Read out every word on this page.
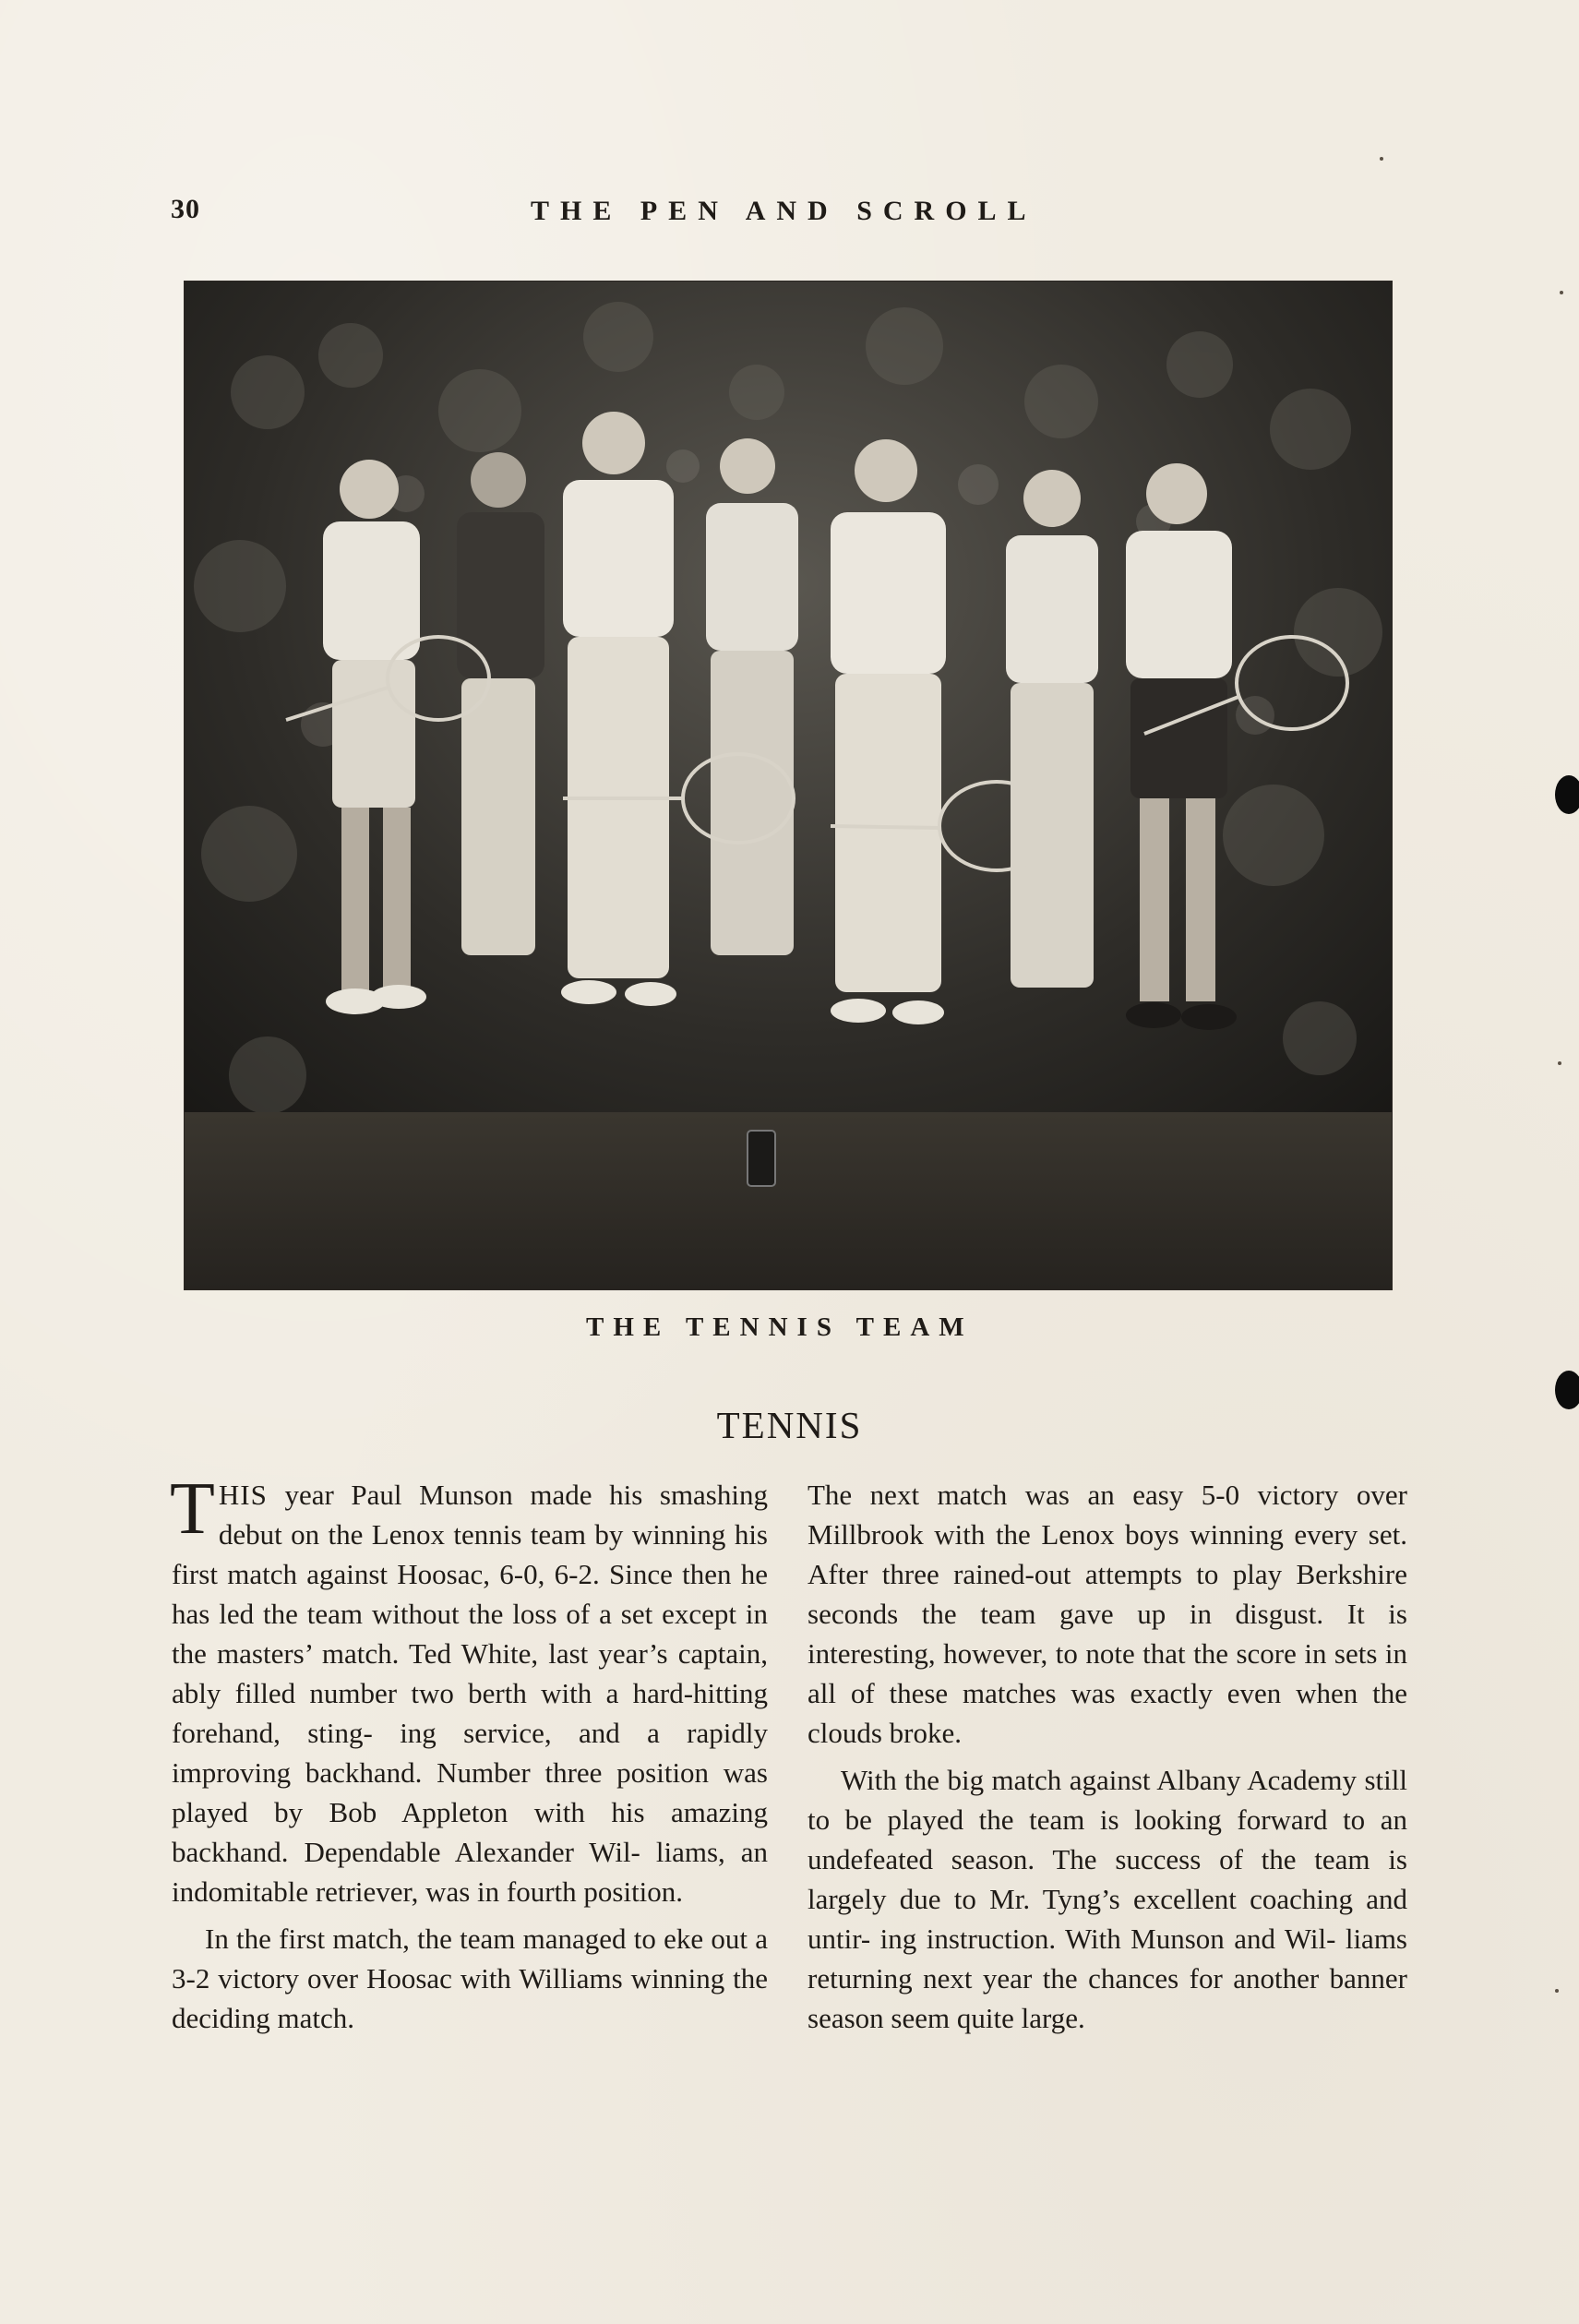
30	THE PEN AND SCROLL
THE TENNIS TEAM
TENNIS

THIS year Paul Munson made his smashing debut on the Lenox tennis team by winning his first match against Hoosac, 6-0, 6-2. Since then he has led the team without the loss of a set except in the masters’ match. Ted White, last year’s captain, ably filled number two berth with a hard-hitting forehand, sting- ing service, and a rapidly improving backhand. Number three position was played by Bob Appleton with his amazing backhand. Dependable Alexander Wil- liams, an indomitable retriever, was in fourth position.

In the first match, the team managed to eke out a 3-2 victory over Hoosac with Williams winning the deciding match.

The next match was an easy 5-0 victory over Millbrook with the Lenox boys winning every set. After three rained-out attempts to play Berkshire seconds the team gave up in disgust. It is interesting, however, to note that the score in sets in all of these matches was exactly even when the clouds broke.

With the big match against Albany Academy still to be played the team is looking forward to an undefeated season. The success of the team is largely due to Mr. Tyng’s excellent coaching and untir- ing instruction. With Munson and Wil- liams returning next year the chances for another banner season seem quite large.
